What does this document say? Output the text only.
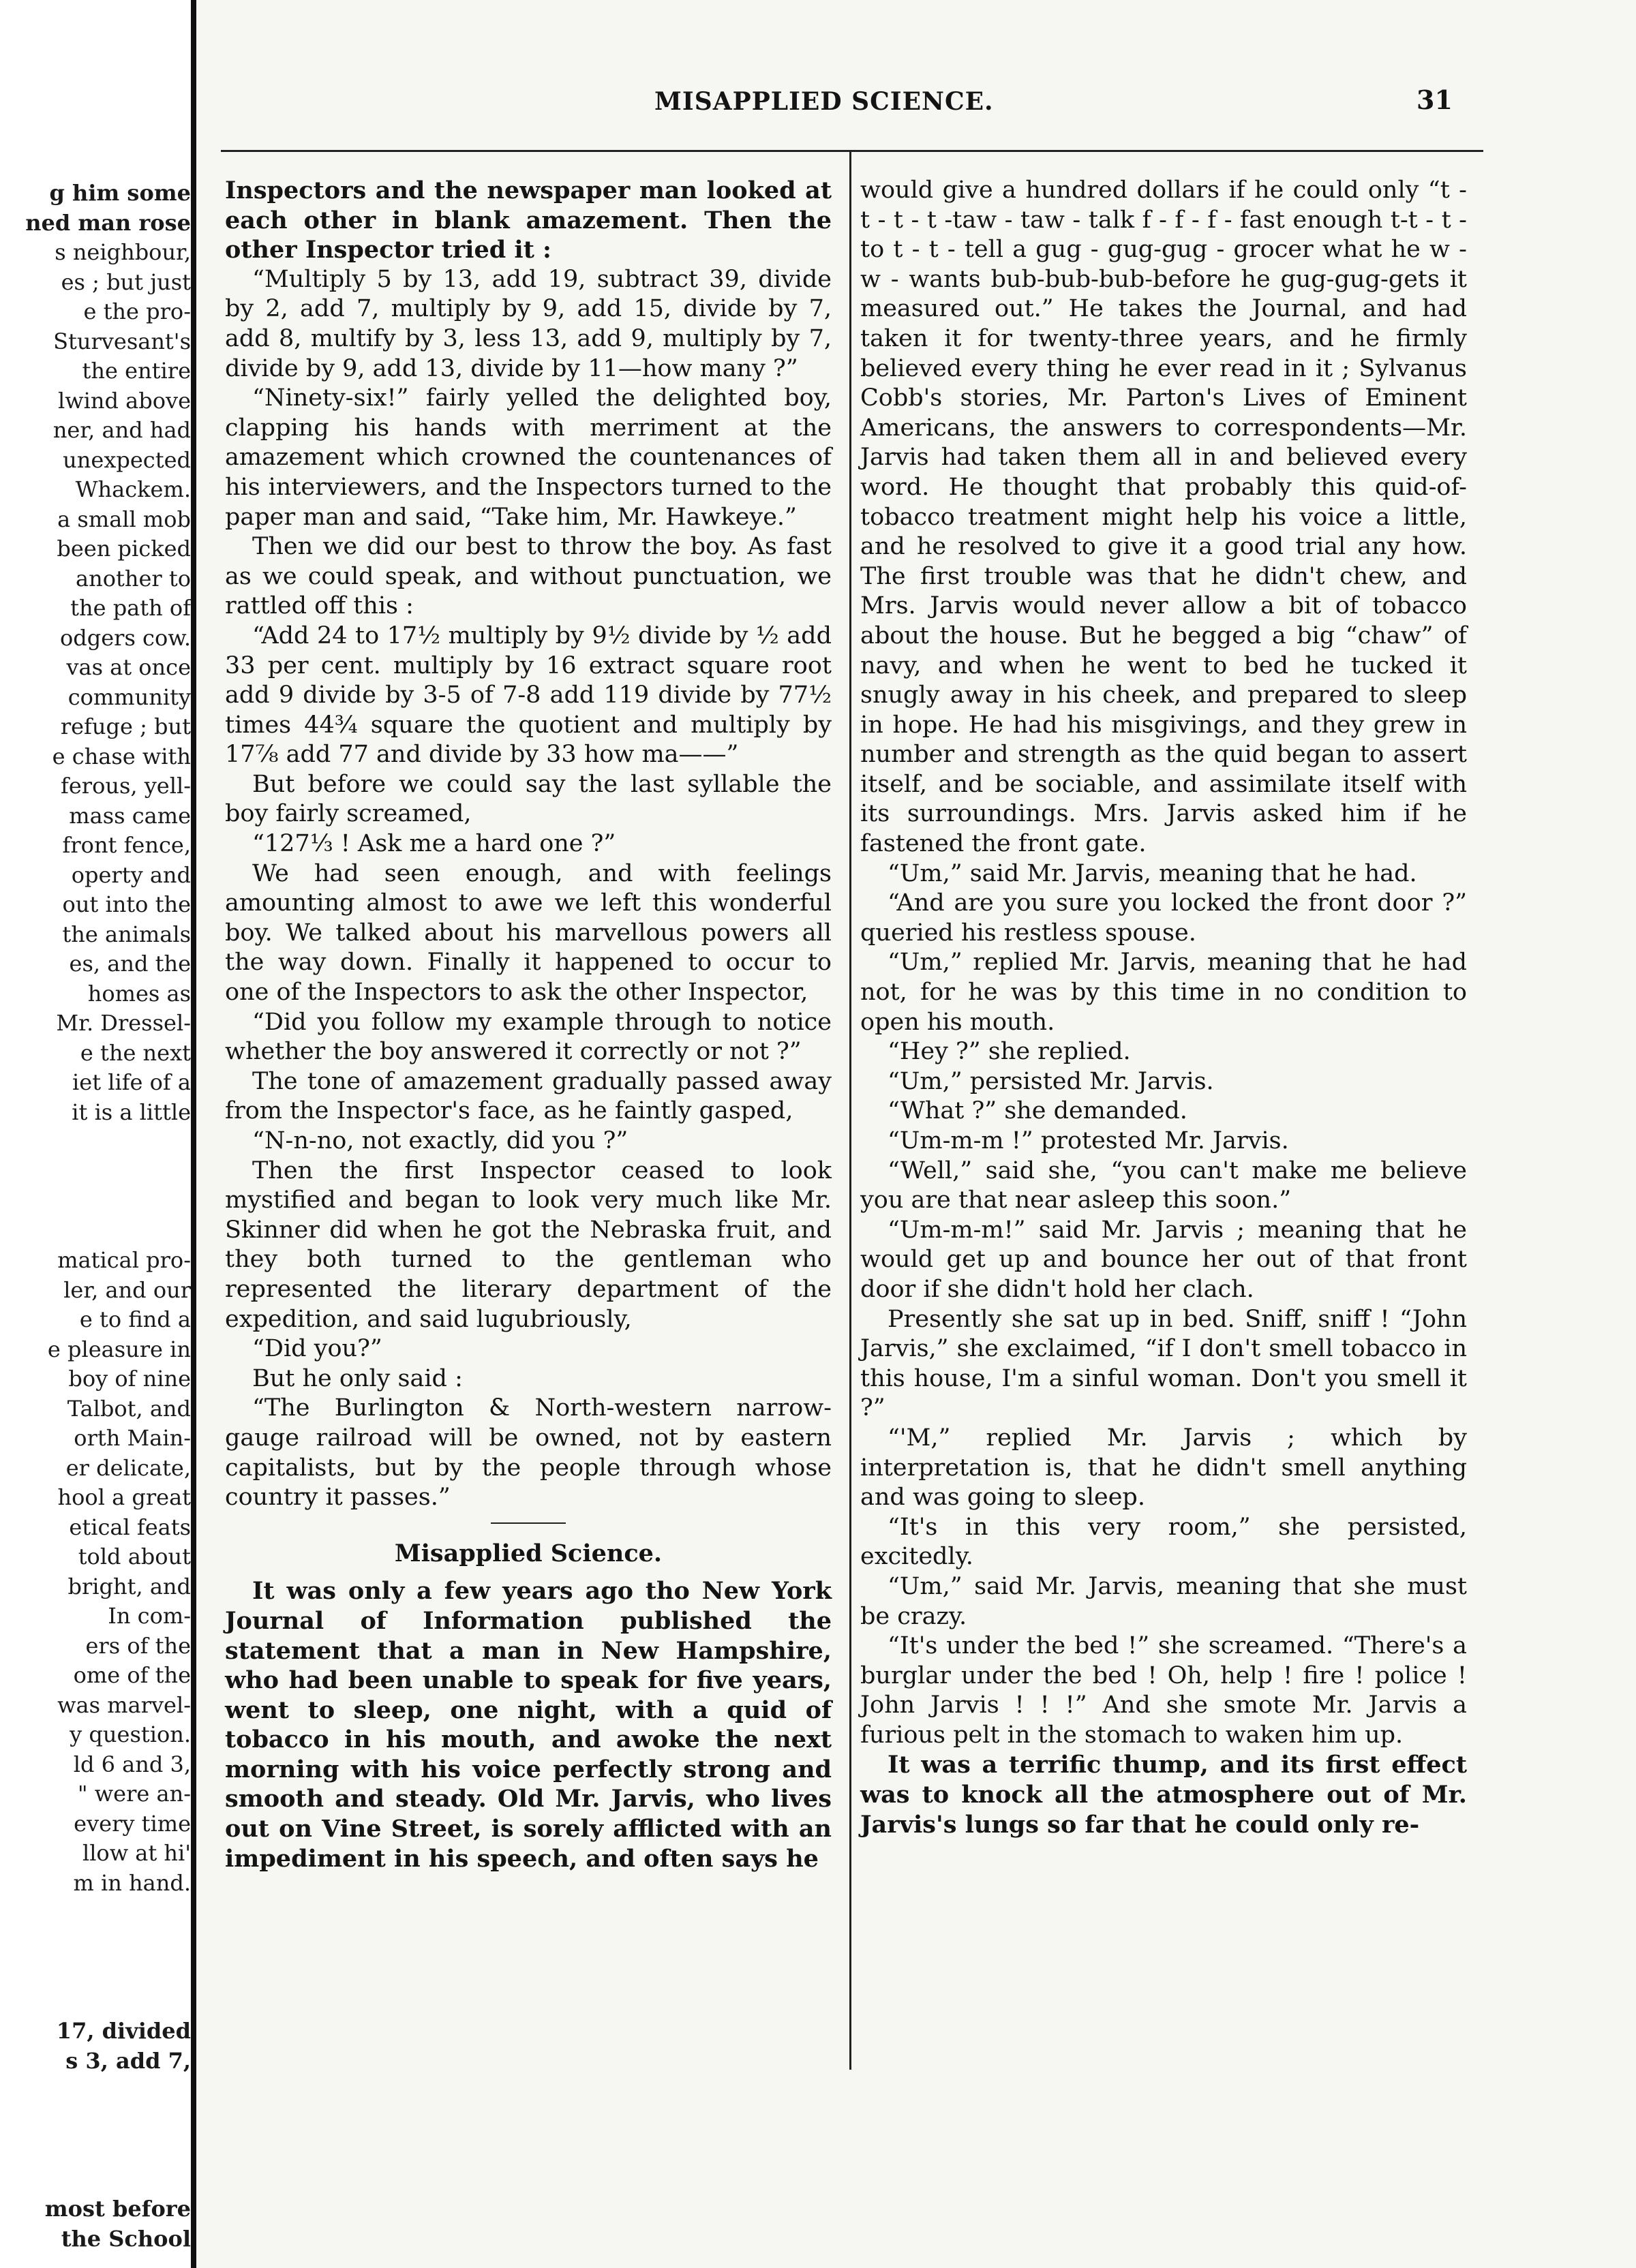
g him some
ned man rose
s neighbour,
es ; but just
e the pro-
Sturvesant's
the entire
lwind above
ner, and had
unexpected
Whackem.
a small mob
been picked
another to
the path of
odgers cow.
vas at once
community
refuge ; but
e chase with
ferous, yell-
mass came
front fence,
operty and
out into the
the animals
es, and the
homes as
Mr. Dressel-
e the next
iet life of a
it is a little
matical pro-
ler, and our
e to find a
e pleasure in
boy of nine
Talbot, and
orth Main-
er delicate,
hool a great
etical feats
told about
bright, and
In com-
ers of the
ome of the
was marvel-
y question.
ld 6 and 3,
" were an-
every time
llow at hi'
m in hand.
17, divided
s 3, add 7,
most before
the School
MISAPPLIED SCIENCE.	31

Inspectors and the newspaper man looked at each other in blank amazement. Then the other Inspector tried it :

“Multiply 5 by 13, add 19, subtract 39, divide by 2, add 7, multiply by 9, add 15, divide by 7, add 8, multify by 3, less 13, add 9, multiply by 7, divide by 9, add 13, divide by 11—how many ?”

“Ninety-six!” fairly yelled the delighted boy, clapping his hands with merriment at the amazement which crowned the countenances of his interviewers, and the Inspectors turned to the paper man and said, “Take him, Mr. Hawkeye.”

Then we did our best to throw the boy. As fast as we could speak, and without punctuation, we rattled off this :

“Add 24 to 17½ multiply by 9½ divide by ½ add 33 per cent. multiply by 16 extract square root add 9 divide by 3-5 of 7-8 add 119 divide by 77½ times 44¾ square the quotient and multiply by 17⅞ add 77 and divide by 33 how ma——”

But before we could say the last syllable the boy fairly screamed,

“127⅓ ! Ask me a hard one ?”

We had seen enough, and with feelings amounting almost to awe we left this wonderful boy. We talked about his marvellous powers all the way down. Finally it happened to occur to one of the Inspectors to ask the other Inspector,

“Did you follow my example through to notice whether the boy answered it correctly or not ?”

The tone of amazement gradually passed away from the Inspector's face, as he faintly gasped,

“N-n-no, not exactly, did you ?”

Then the first Inspector ceased to look mystified and began to look very much like Mr. Skinner did when he got the Nebraska fruit, and they both turned to the gentleman who represented the literary department of the expedition, and said lugubriously,

“Did you?”

But he only said :

“The Burlington & North-western narrow-gauge railroad will be owned, not by eastern capitalists, but by the people through whose country it passes.”

Misapplied Science.

It was only a few years ago tho New York Journal of Information published the statement that a man in New Hampshire, who had been unable to speak for five years, went to sleep, one night, with a quid of tobacco in his mouth, and awoke the next morning with his voice perfectly strong and smooth and steady. Old Mr. Jarvis, who lives out on Vine Street, is sorely afflicted with an impediment in his speech, and often says he

would give a hundred dollars if he could only “t - t - t - t -taw - taw - talk f - f - f - fast enough t-t - t - to t - t - tell a gug - gug-gug - grocer what he w - w - wants bub-bub-bub-before he gug-gug-gets it measured out.” He takes the Journal, and had taken it for twenty-three years, and he firmly believed every thing he ever read in it ; Sylvanus Cobb's stories, Mr. Parton's Lives of Eminent Americans, the answers to correspondents—Mr. Jarvis had taken them all in and believed every word. He thought that probably this quid-of-tobacco treatment might help his voice a little, and he resolved to give it a good trial any how. The first trouble was that he didn't chew, and Mrs. Jarvis would never allow a bit of tobacco about the house. But he begged a big “chaw” of navy, and when he went to bed he tucked it snugly away in his cheek, and prepared to sleep in hope. He had his misgivings, and they grew in number and strength as the quid began to assert itself, and be sociable, and assimilate itself with its surroundings. Mrs. Jarvis asked him if he fastened the front gate.

“Um,” said Mr. Jarvis, meaning that he had.

“And are you sure you locked the front door ?” queried his restless spouse.

“Um,” replied Mr. Jarvis, meaning that he had not, for he was by this time in no condition to open his mouth.

“Hey ?” she replied.

“Um,” persisted Mr. Jarvis.

“What ?” she demanded.

“Um-m-m !” protested Mr. Jarvis.

“Well,” said she, “you can't make me believe you are that near asleep this soon.”

“Um-m-m!” said Mr. Jarvis ; meaning that he would get up and bounce her out of that front door if she didn't hold her clach.

Presently she sat up in bed. Sniff, sniff ! “John Jarvis,” she exclaimed, “if I don't smell tobacco in this house, I'm a sinful woman. Don't you smell it ?”

“'M,” replied Mr. Jarvis ; which by interpretation is, that he didn't smell anything and was going to sleep.

“It's in this very room,” she persisted, excitedly.

“Um,” said Mr. Jarvis, meaning that she must be crazy.

“It's under the bed !” she screamed. “There's a burglar under the bed ! Oh, help ! fire ! police ! John Jarvis ! ! !” And she smote Mr. Jarvis a furious pelt in the stomach to waken him up.

It was a terrific thump, and its first effect was to knock all the atmosphere out of Mr. Jarvis's lungs so far that he could only re-
